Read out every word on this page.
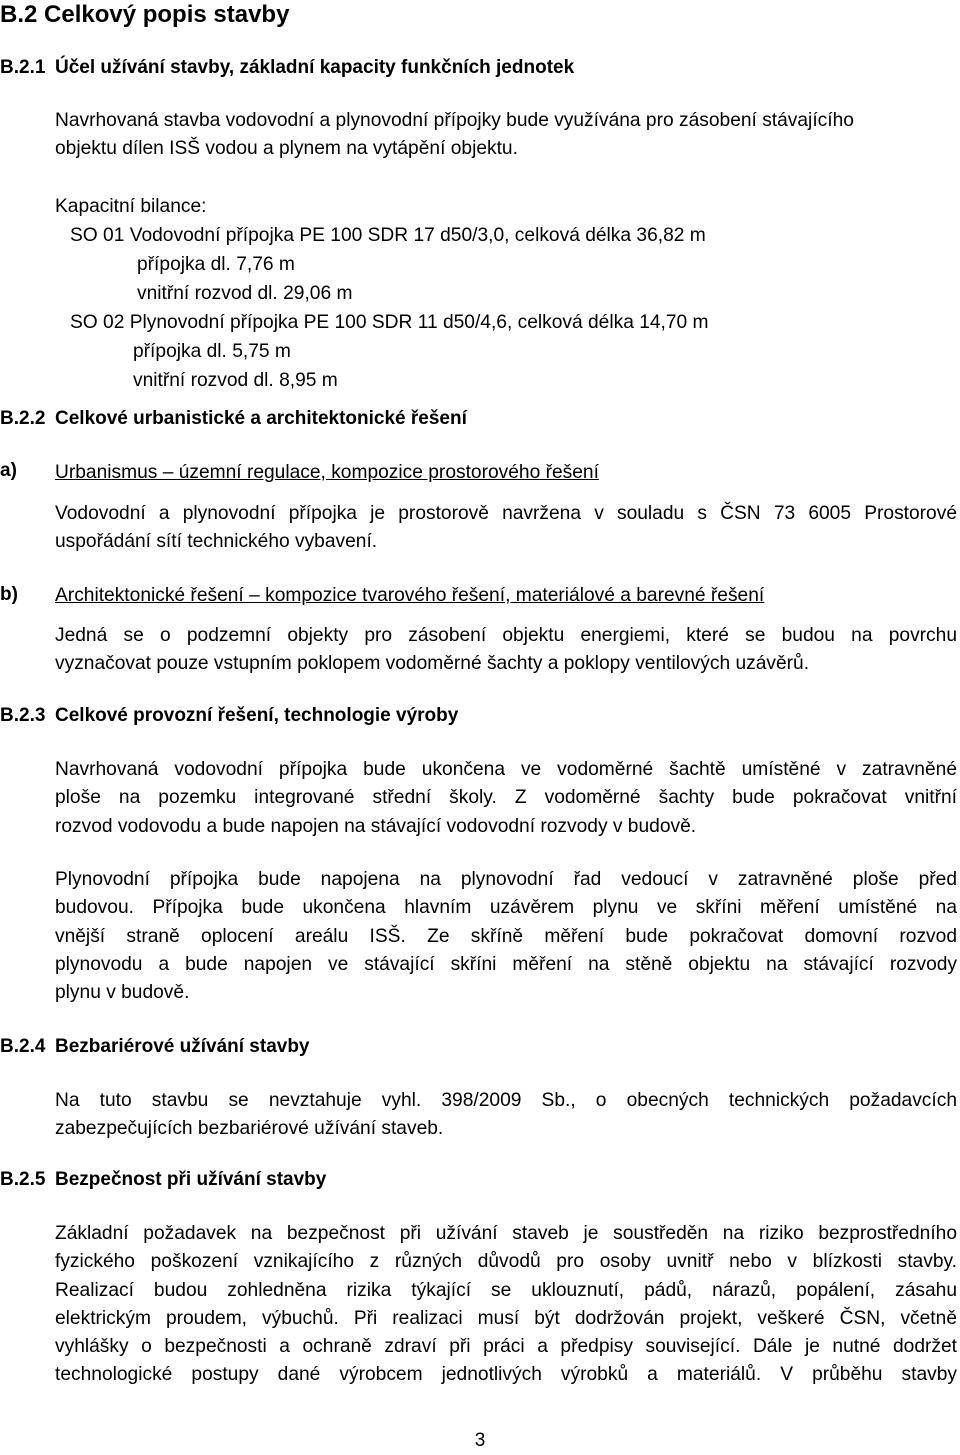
B.2 Celkový popis stavby
B.2.1 Účel užívání stavby, základní kapacity funkčních jednotek
Navrhovaná stavba vodovodní a plynovodní přípojky bude využívána pro zásobení stávajícího
objektu dílen ISŠ vodou a plynem na vytápění objektu.
Kapacitní bilance:
SO 01 Vodovodní přípojka PE 100 SDR 17 d50/3,0, celková délka 36,82 m
přípojka dl. 7,76 m
vnitřní rozvod dl. 29,06 m
SO 02 Plynovodní přípojka PE 100 SDR 11 d50/4,6, celková délka 14,70 m
přípojka dl. 5,75 m
vnitřní rozvod dl. 8,95 m
B.2.2 Celkové urbanistické a architektonické řešení
a) Urbanismus – územní regulace, kompozice prostorového řešení
Vodovodní a plynovodní přípojka je prostorově navržena v souladu s ČSN 73 6005 Prostorové
uspořádání sítí technického vybavení.
b) Architektonické řešení – kompozice tvarového řešení, materiálové a barevné řešení
Jedná se o podzemní objekty pro zásobení objektu energiemi, které se budou na povrchu
vyznačovat pouze vstupním poklopem vodoměrné šachty a poklopy ventilových uzávěrů.
B.2.3 Celkové provozní řešení, technologie výroby
Navrhovaná vodovodní přípojka bude ukončena ve vodoměrné šachtě umístěné v zatravněné
ploše na pozemku integrované střední školy. Z vodoměrné šachty bude pokračovat vnitřní
rozvod vodovodu a bude napojen na stávající vodovodní rozvody v budově.
Plynovodní přípojka bude napojena na plynovodní řad vedoucí v zatravněné ploše před
budovou. Přípojka bude ukončena hlavním uzávěrem plynu ve skříni měření umístěné na
vnější straně oplocení areálu ISŠ. Ze skříně měření bude pokračovat domovní rozvod
plynovodu a bude napojen ve stávající skříni měření na stěně objektu na stávající rozvody
plynu v budově.
B.2.4 Bezbariérové užívání stavby
Na tuto stavbu se nevztahuje vyhl. 398/2009 Sb., o obecných technických požadavcích
zabezpečujících bezbariérové užívání staveb.
B.2.5 Bezpečnost při užívání stavby
Základní požadavek na bezpečnost při užívání staveb je soustředěn na riziko bezprostředního
fyzického poškození vznikajícího z různých důvodů pro osoby uvnitř nebo v blízkosti stavby.
Realizací budou zohledněna rizika týkající se uklouznutí, pádů, nárazů, popálení, zásahu
elektrickým proudem, výbuchů. Při realizaci musí být dodržován projekt, veškeré ČSN, včetně
vyhlášky o bezpečnosti a ochraně zdraví při práci a předpisy související. Dále je nutné dodržet
technologické postupy dané výrobcem jednotlivých výrobků a materiálů. V průběhu stavby
3
